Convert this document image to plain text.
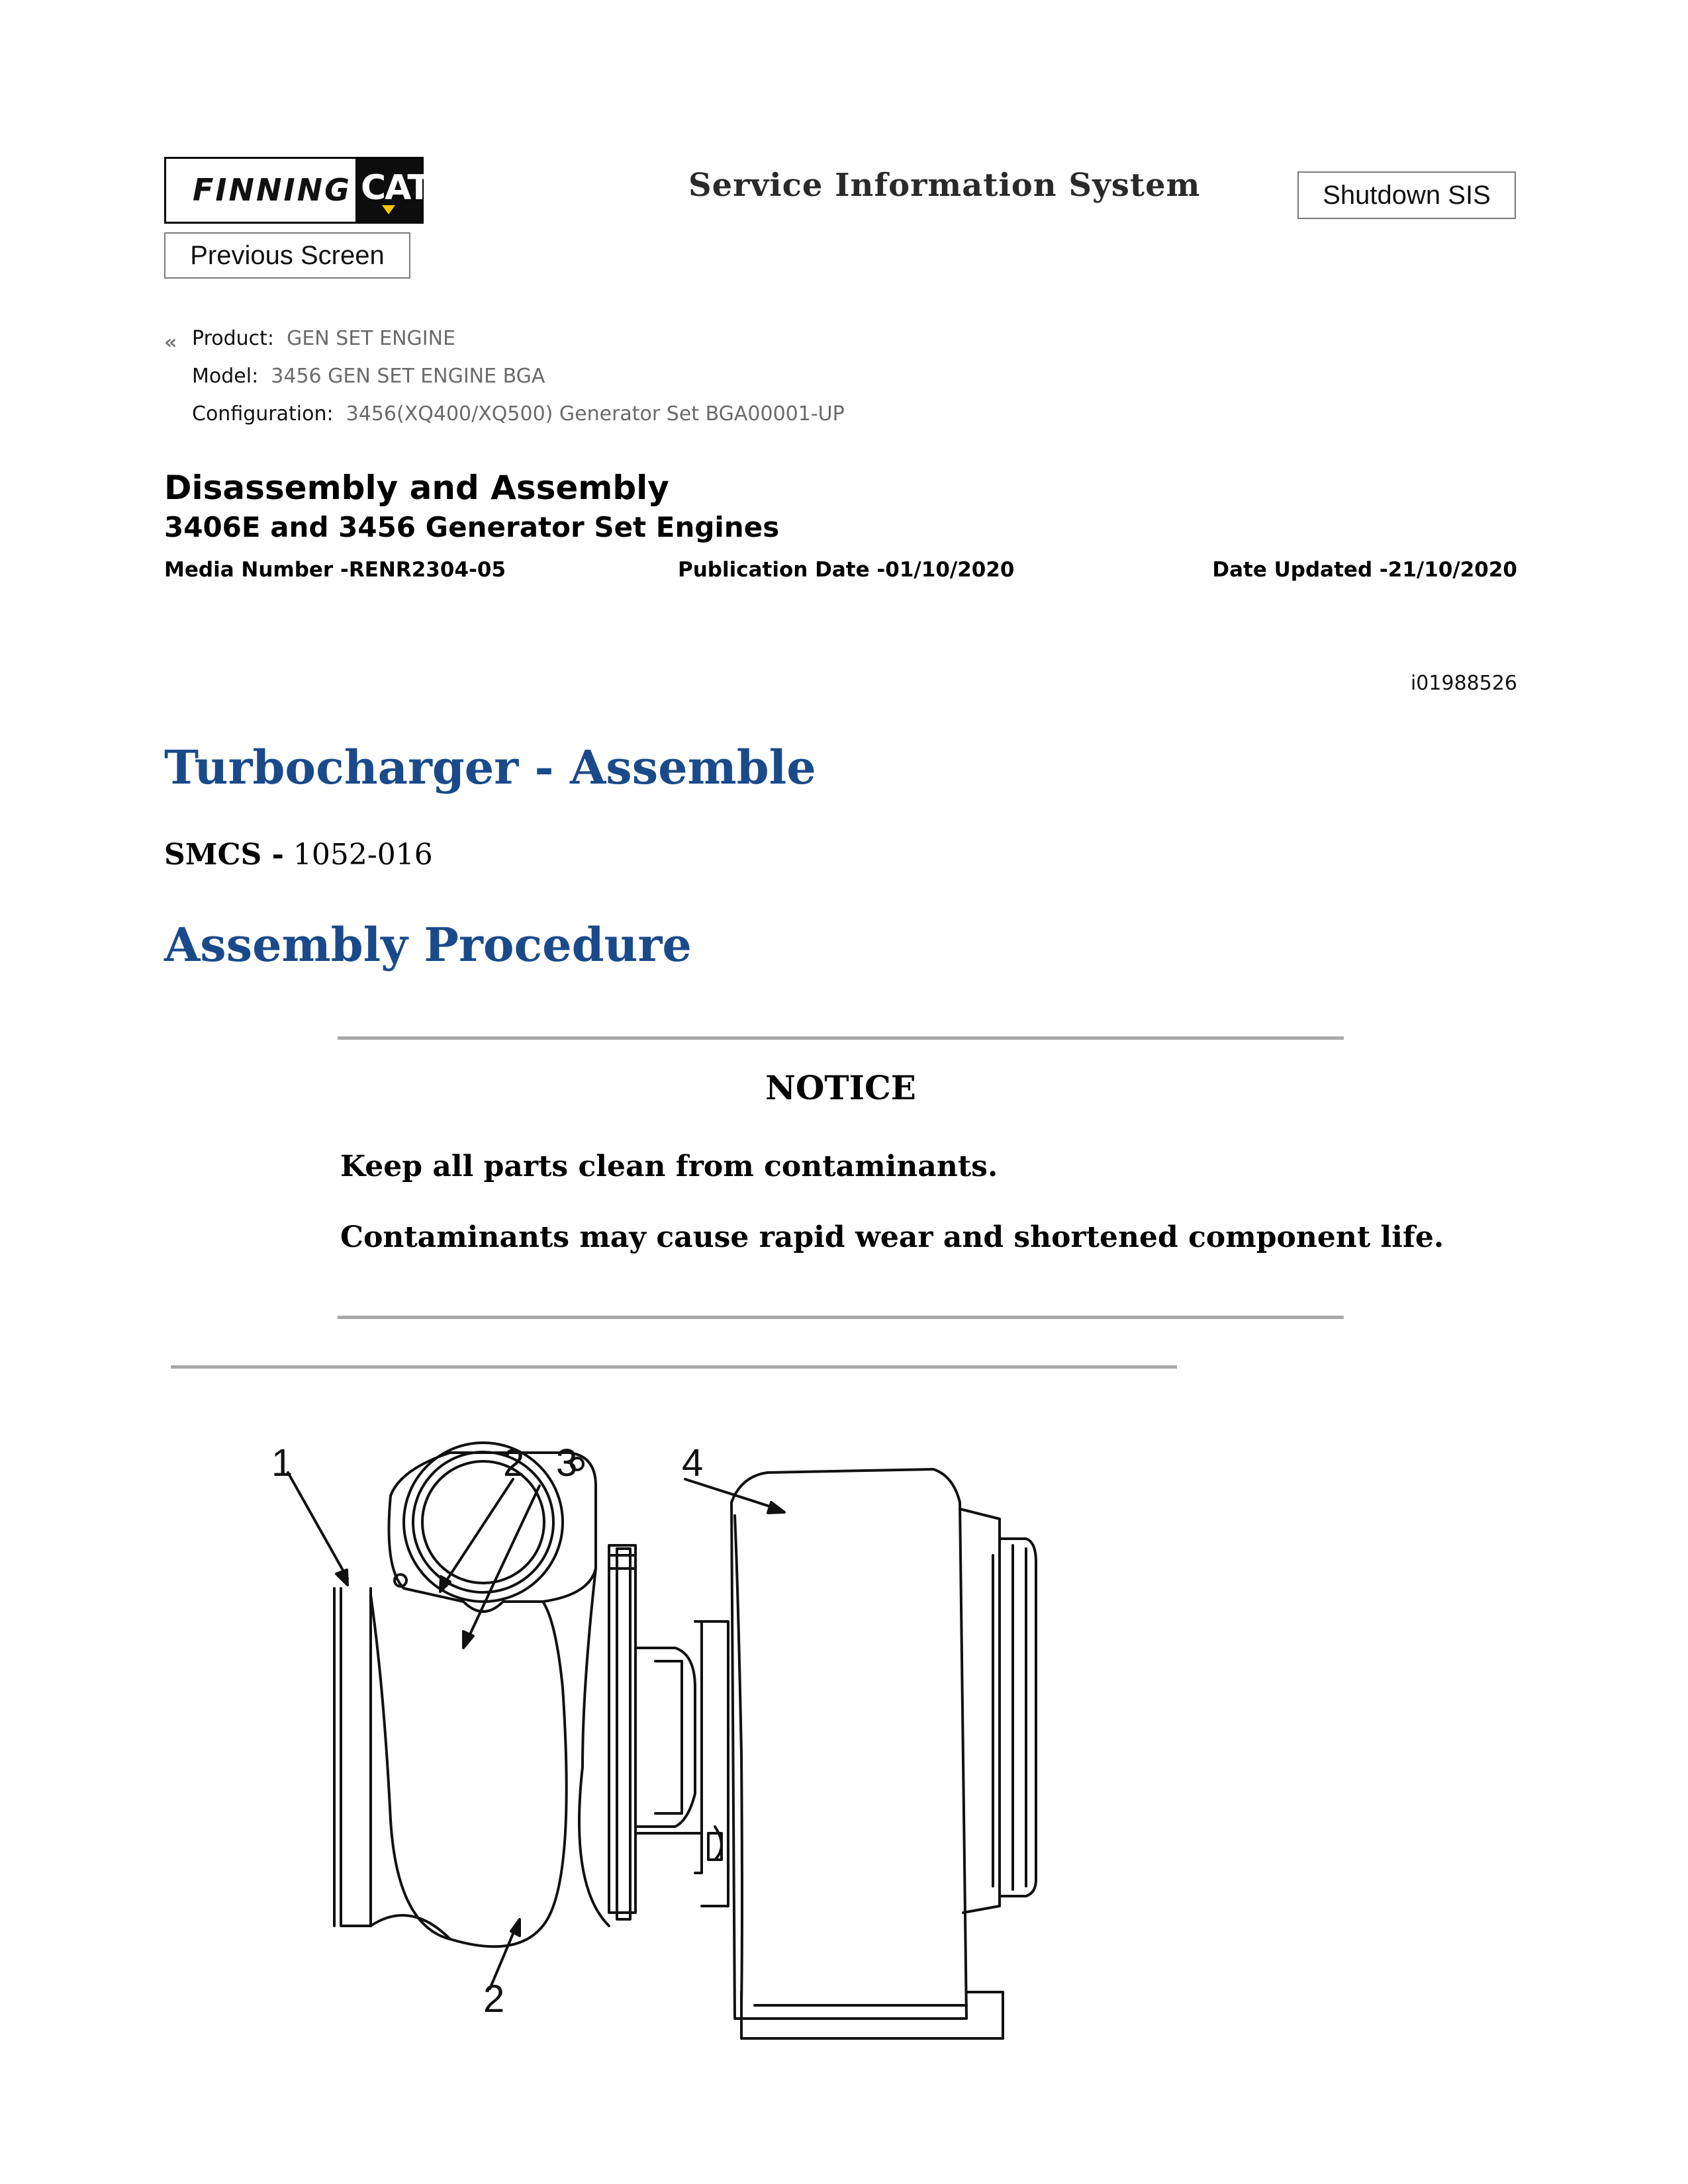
FINNING CAT	Service Information System	Shutdown SIS
Previous Screen
« Product: GEN SET ENGINE
Model: 3456 GEN SET ENGINE BGA
Configuration: 3456(XQ400/XQ500) Generator Set BGA00001-UP
Disassembly and Assembly
3406E and 3456 Generator Set Engines
Media Number -RENR2304-05	Publication Date -01/10/2020	Date Updated -21/10/2020
i01988526
Turbocharger - Assemble
SMCS - 1052-016
Assembly Procedure
NOTICE
Keep all parts clean from contaminants.
Contaminants may cause rapid wear and shortened component life.
1	2 3	4
2
